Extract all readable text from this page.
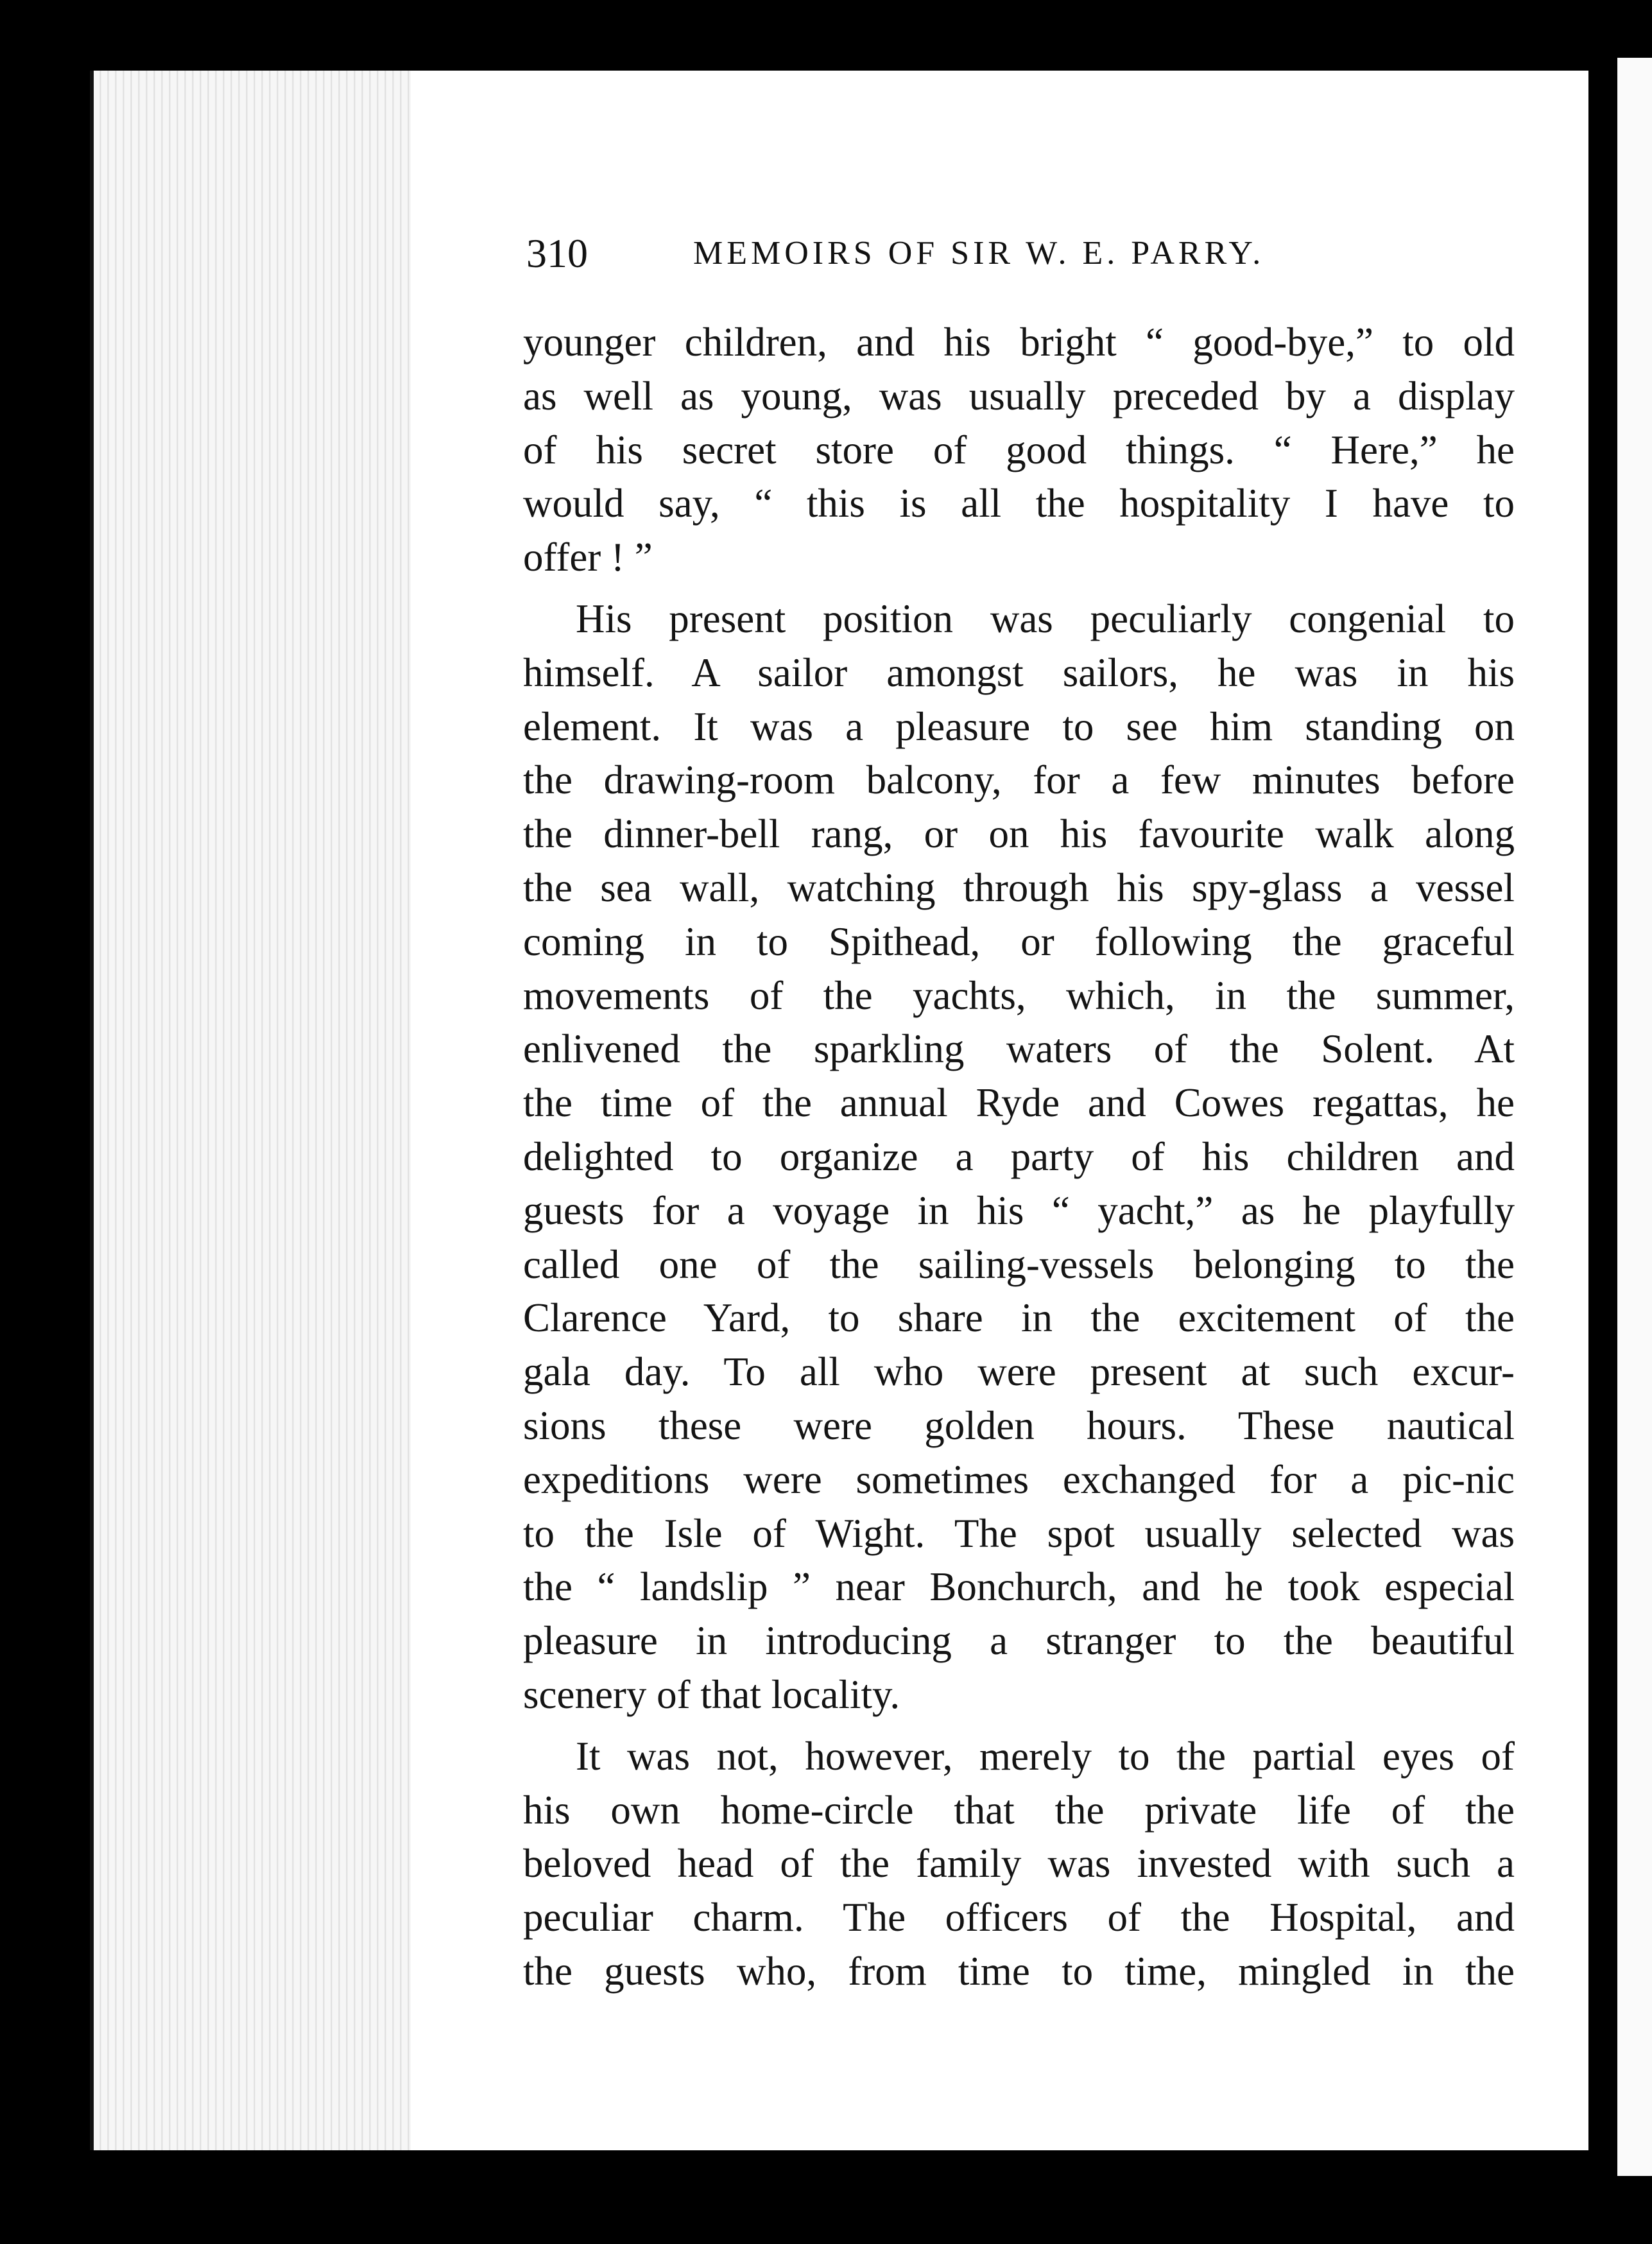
310	MEMOIRS OF SIR W. E. PARRY.
younger children, and his bright “ good-bye,” to old
as well as young, was usually preceded by a display
of his secret store of good things. “ Here,” he
would say, “ this is all the hospitality I have to
offer ! ”
His present position was peculiarly congenial to
himself. A sailor amongst sailors, he was in his
element. It was a pleasure to see him standing on
the drawing-room balcony, for a few minutes before
the dinner-bell rang, or on his favourite walk along
the sea wall, watching through his spy-glass a vessel
coming in to Spithead, or following the graceful
movements of the yachts, which, in the summer,
enlivened the sparkling waters of the Solent. At
the time of the annual Ryde and Cowes regattas, he
delighted to organize a party of his children and
guests for a voyage in his “ yacht,” as he playfully
called one of the sailing-vessels belonging to the
Clarence Yard, to share in the excitement of the
gala day. To all who were present at such excur-
sions these were golden hours. These nautical
expeditions were sometimes exchanged for a pic-nic
to the Isle of Wight. The spot usually selected was
the “ landslip ” near Bonchurch, and he took especial
pleasure in introducing a stranger to the beautiful
scenery of that locality.
It was not, however, merely to the partial eyes of
his own home-circle that the private life of the
beloved head of the family was invested with such a
peculiar charm. The officers of the Hospital, and
the guests who, from time to time, mingled in the
